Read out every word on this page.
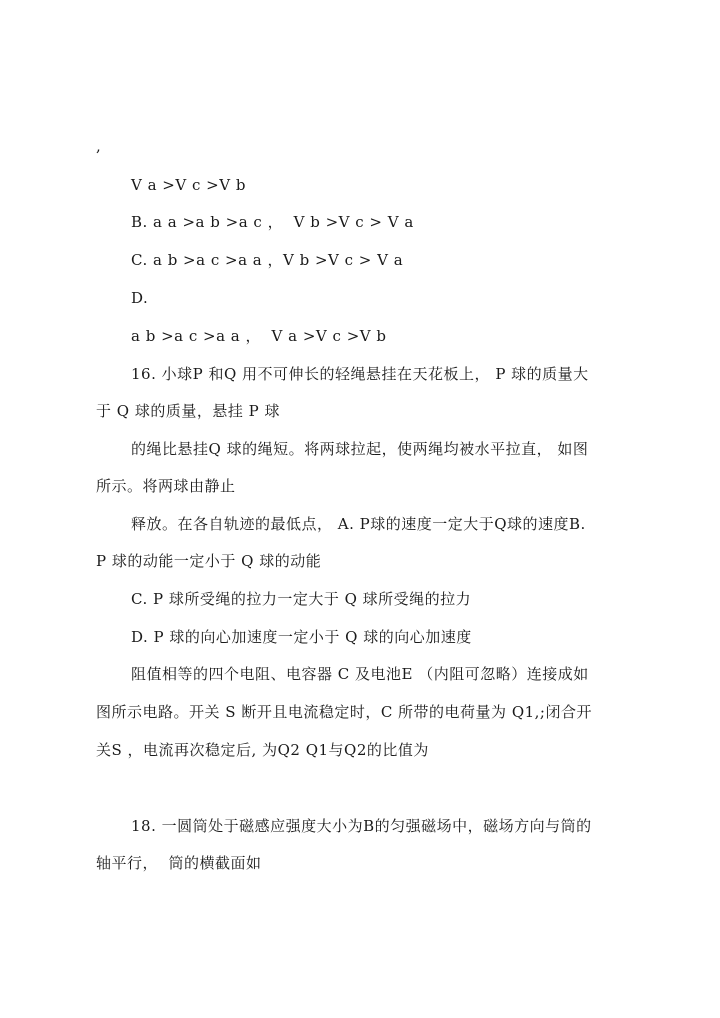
,
V a >V c >V b
B. a a >a b >a c ，  V b >V c > V a
C. a b >a c >a a ，V b >V c > V a
D.
a b >a c >a a ，  V a >V c >V b
16. 小球P 和Q 用不可伸长的轻绳悬挂在天花板上， P 球的质量大
于 Q 球的质量，悬挂 P 球
的绳比悬挂Q 球的绳短。将两球拉起，使两绳均被水平拉直， 如图
所示。将两球由静止
释放。在各自轨迹的最低点， A. P球的速度一定大于Q球的速度B.
P 球的动能一定小于 Q 球的动能
C. P 球所受绳的拉力一定大于 Q 球所受绳的拉力
D. P 球的向心加速度一定小于 Q 球的向心加速度
阻值相等的四个电阻、电容器 C 及电池E （内阻可忽略）连接成如
图所示电路。开关 S 断开且电流稳定时，C 所带的电荷量为 Q1,;闭合开
关S ，电流再次稳定后, 为Q2 Q1与Q2的比值为
18. 一圆筒处于磁感应强度大小为B的匀强磁场中，磁场方向与筒的
轴平行，  筒的横截面如
